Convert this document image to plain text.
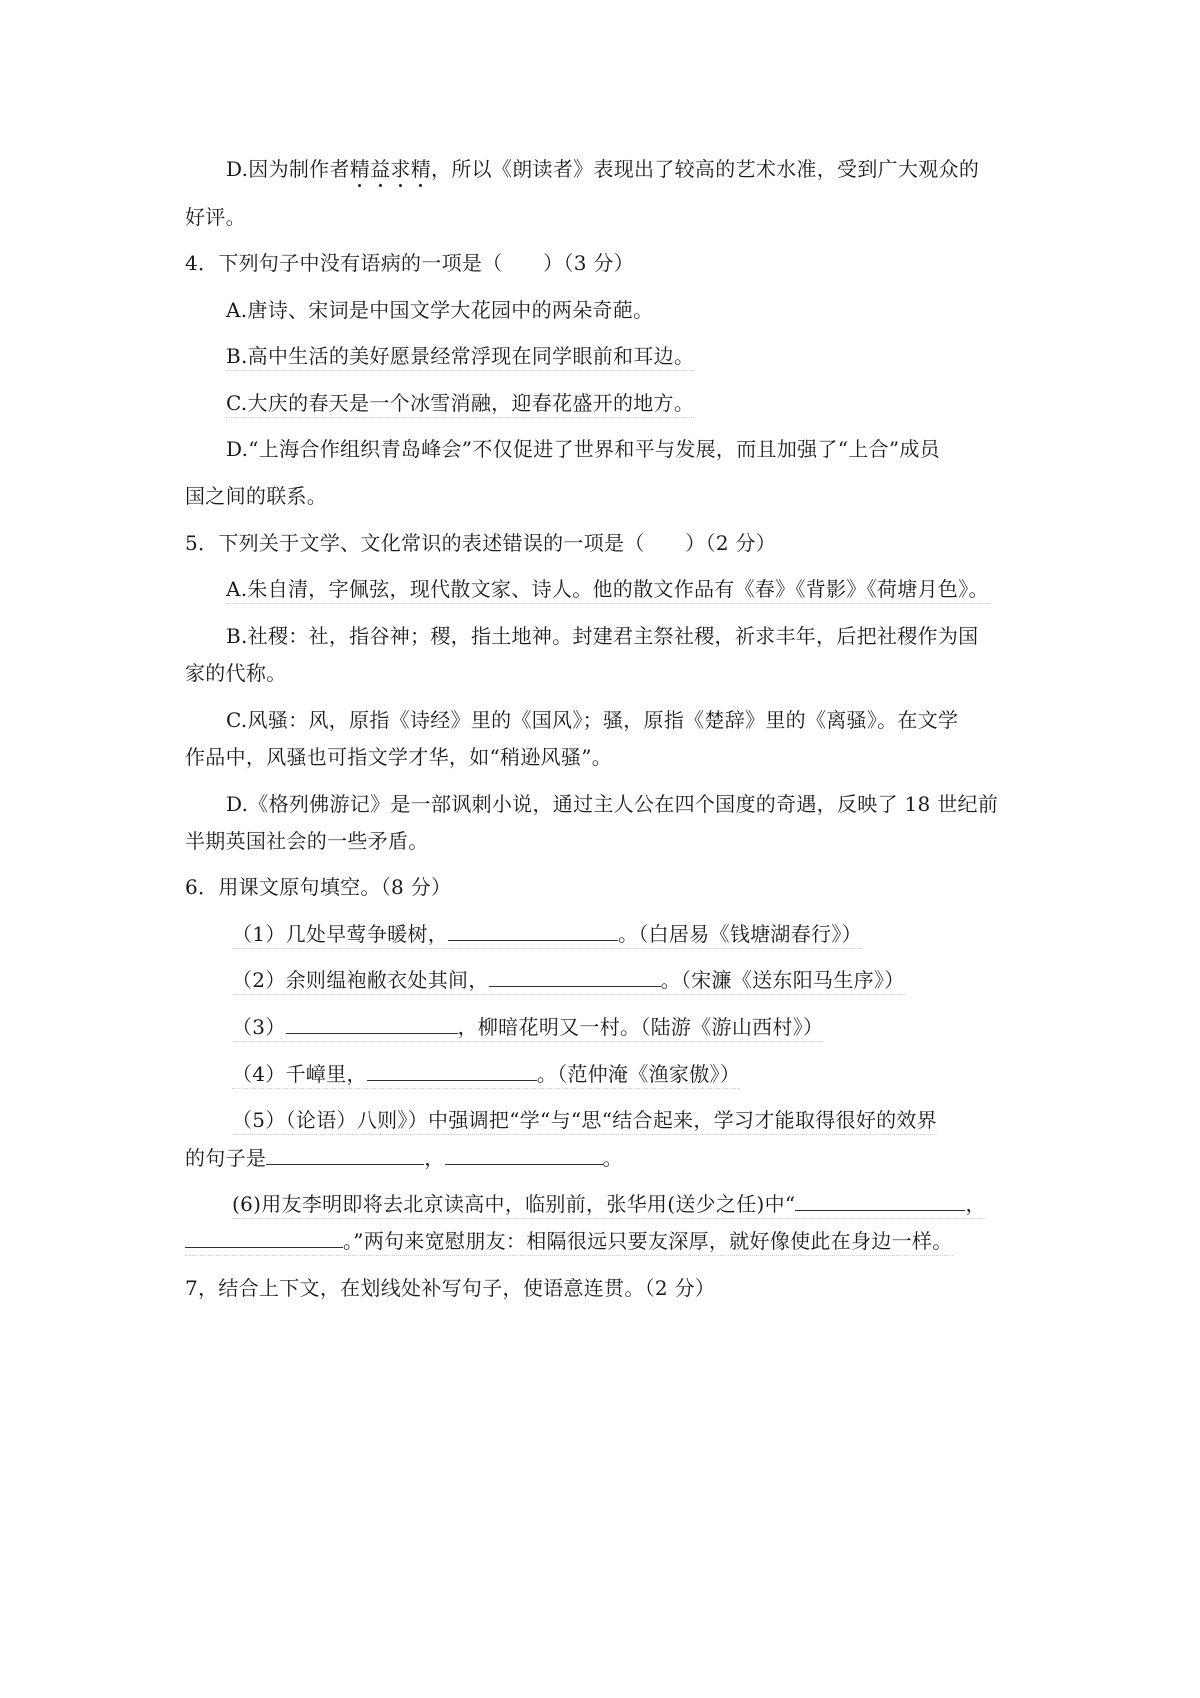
D.因为制作者精益求精，所以《朗读者》表现出了较高的艺术水准，受到广大观众的
好评。
4．下列句子中没有语病的一项是（　　）（3 分）
A.唐诗、宋词是中国文学大花园中的两朵奇葩。
B.高中生活的美好愿景经常浮现在同学眼前和耳边。
C.大庆的春天是一个冰雪消融，迎春花盛开的地方。
D.“上海合作组织青岛峰会”不仅促进了世界和平与发展，而且加强了“上合”成员
国之间的联系。
5．下列关于文学、文化常识的表述错误的一项是（　　）（2 分）
A.朱自清，字佩弦，现代散文家、诗人。他的散文作品有《春》《背影》《荷塘月色》。
B.社稷：社，指谷神；稷，指土地神。封建君主祭社稷，祈求丰年，后把社稷作为国
家的代称。
C.风骚：风，原指《诗经》里的《国风》；骚，原指《楚辞》里的《离骚》。在文学
作品中，风骚也可指文学才华，如“稍逊风骚”。
D.《格列佛游记》是一部讽刺小说，通过主人公在四个国度的奇遇，反映了 18 世纪前
半期英国社会的一些矛盾。
6．用课文原句填空。（8 分）
（1）几处早莺争暖树，	。（白居易《钱塘湖春行》）
（2）余则缊袍敝衣处其间，	。（宋濂《送东阳马生序》）
（3）	，柳暗花明又一村。（陆游《游山西村》）
（4）千嶂里，	。（范仲淹《渔家傲》）
（5）（论语）八则》）中强调把“学“与“思“结合起来，学习才能取得很好的效界
的句子是	，	。
(6)用友李明即将去北京读高中，临别前，张华用(送少之任)中“	，
。”两句来宽慰朋友：相隔很远只要友深厚，就好像使此在身边一样。
7，结合上下文，在划线处补写句子，使语意连贯。（2 分）
